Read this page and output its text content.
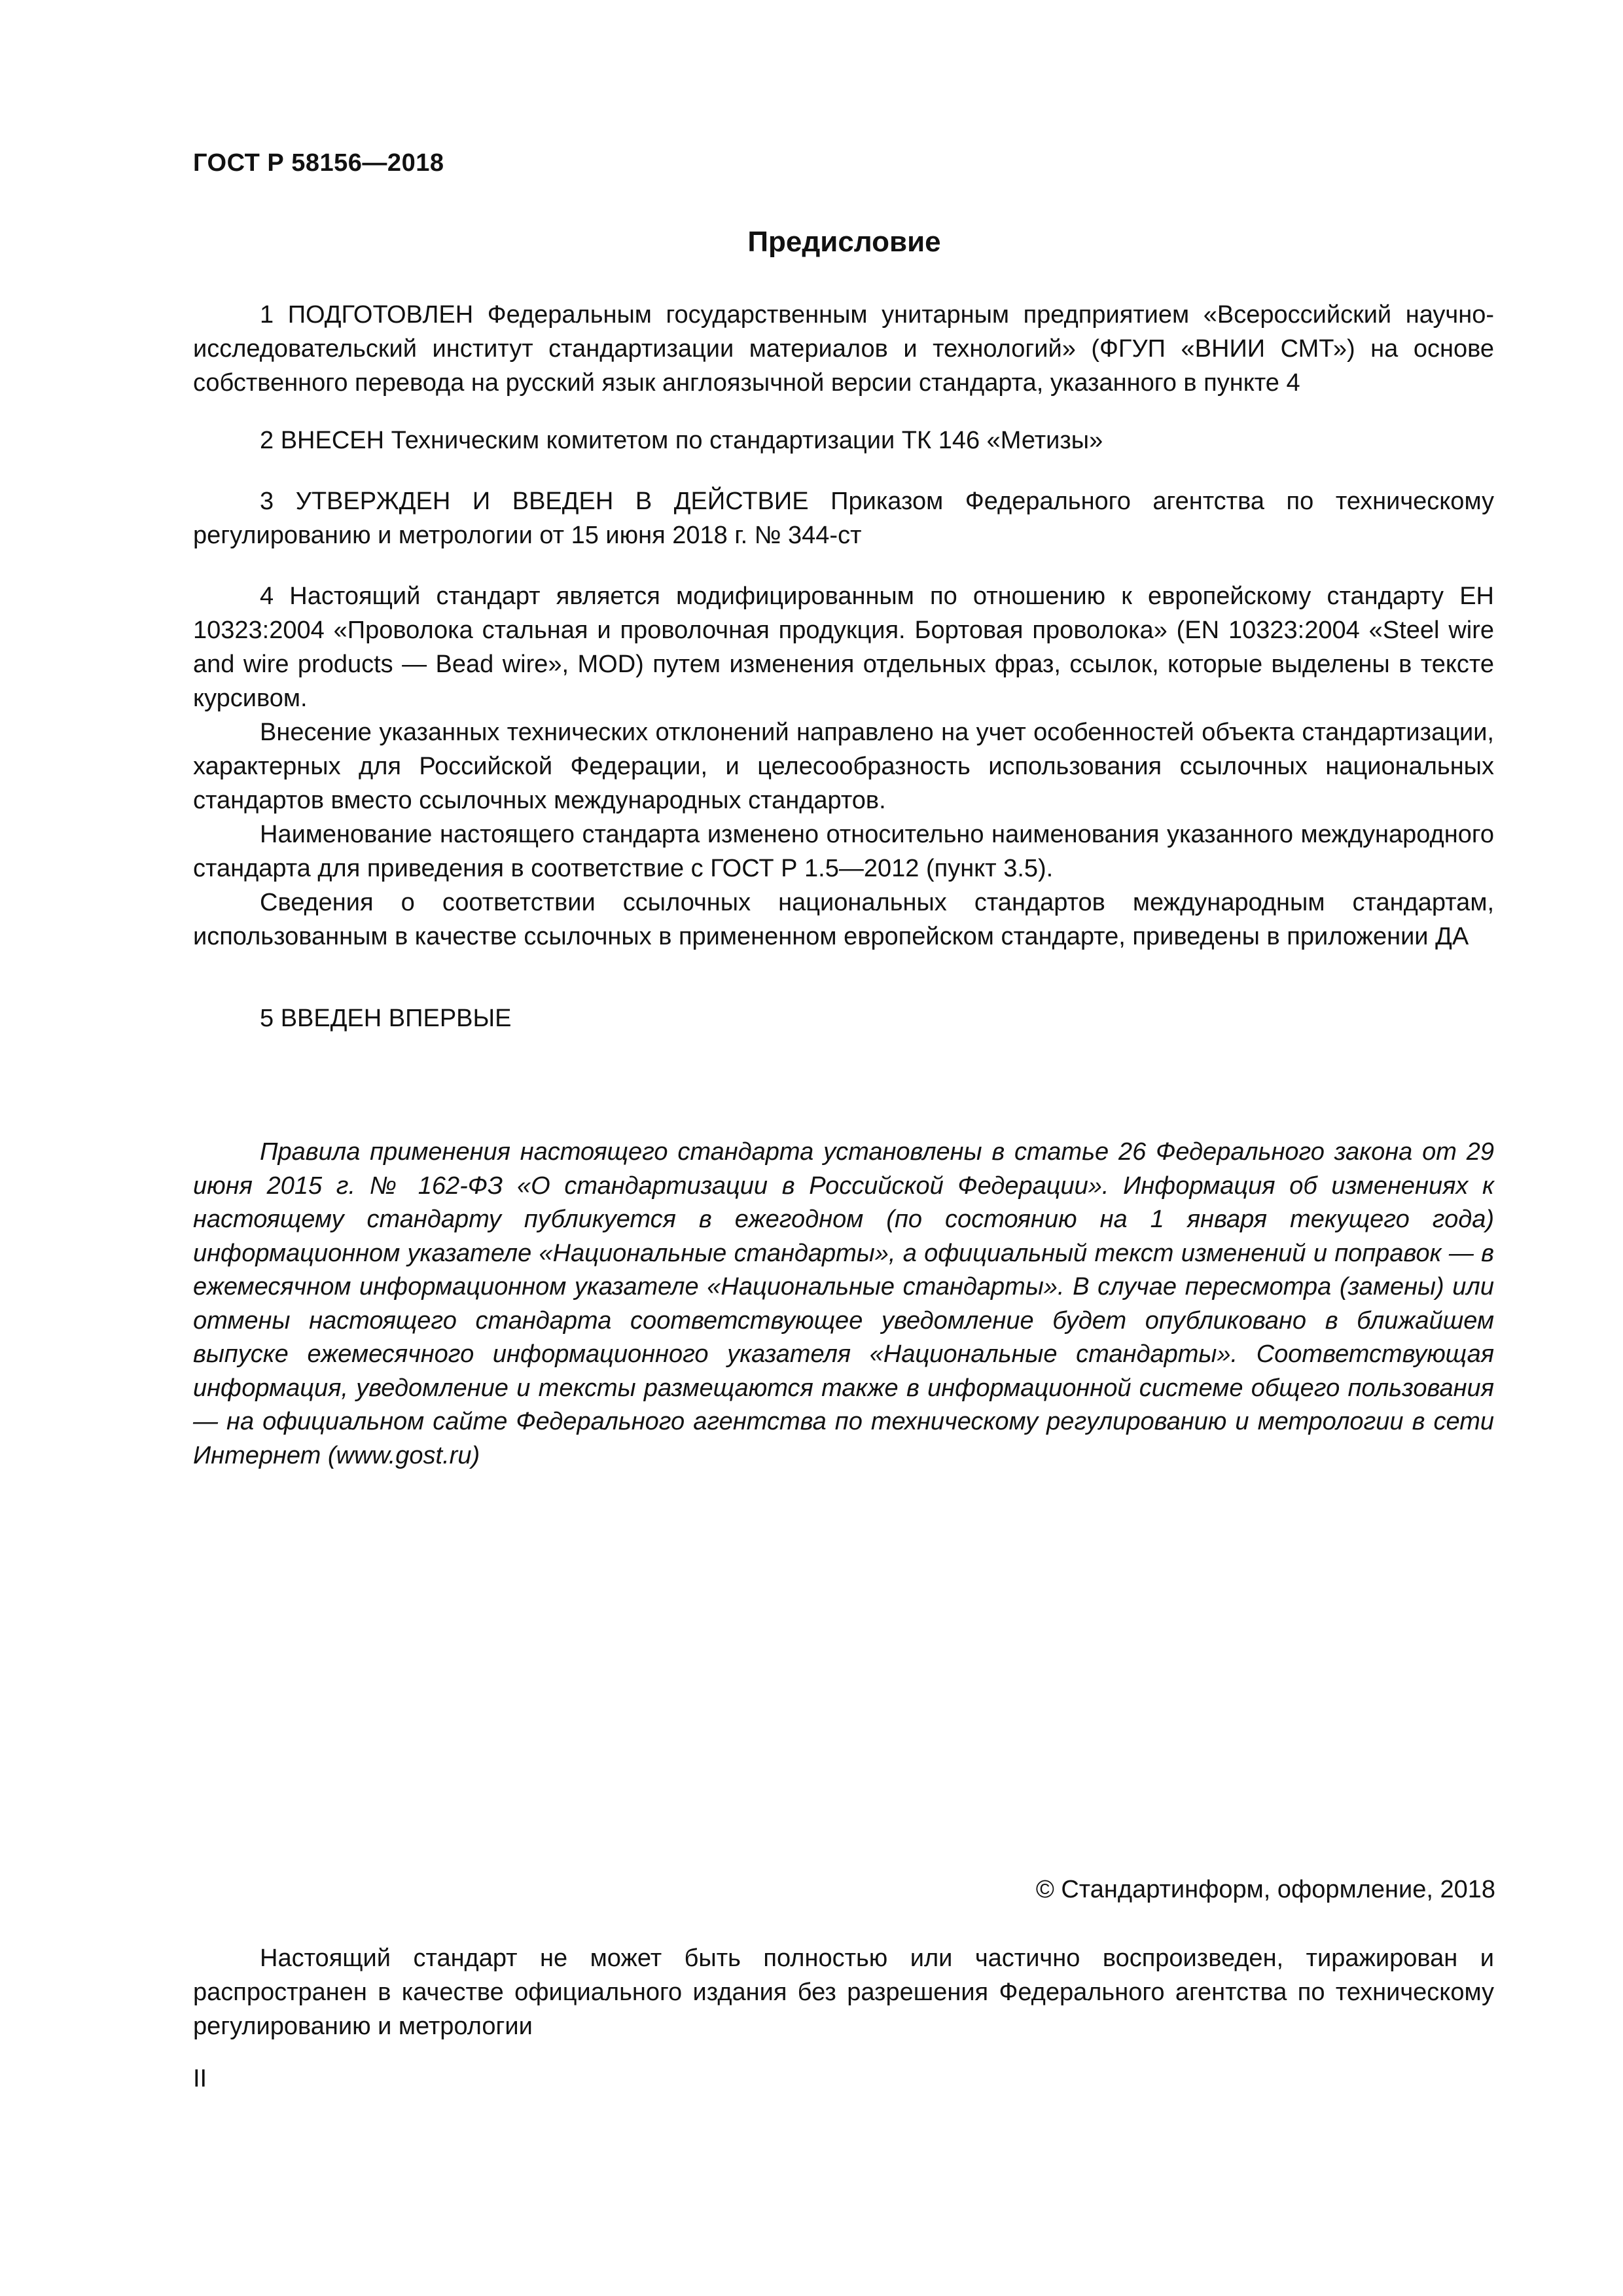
ГОСТ Р 58156—2018
Предисловие

1 ПОДГОТОВЛЕН Федеральным государственным унитарным предприятием «Всероссийский научно-исследовательский институт стандартизации материалов и технологий» (ФГУП «ВНИИ СМТ») на основе собственного перевода на русский язык англоязычной версии стандарта, указанного в пункте 4

2 ВНЕСЕН Техническим комитетом по стандартизации ТК 146 «Метизы»

3 УТВЕРЖДЕН И ВВЕДЕН В ДЕЙСТВИЕ Приказом Федерального агентства по техническому регулированию и метрологии от 15 июня 2018 г. № 344-ст

4 Настоящий стандарт является модифицированным по отношению к европейскому стандарту ЕН 10323:2004 «Проволока стальная и проволочная продукция. Бортовая проволока» (EN 10323:2004 «Steel wire and wire products — Bead wire», MOD) путем изменения отдельных фраз, ссылок, которые выделены в тексте курсивом.

Внесение указанных технических отклонений направлено на учет особенностей объекта стандартизации, характерных для Российской Федерации, и целесообразность использования ссылочных национальных стандартов вместо ссылочных международных стандартов.

Наименование настоящего стандарта изменено относительно наименования указанного международного стандарта для приведения в соответствие с ГОСТ Р 1.5—2012 (пункт 3.5).

Сведения о соответствии ссылочных национальных стандартов международным стандартам, использованным в качестве ссылочных в примененном европейском стандарте, приведены в приложении ДА

5 ВВЕДЕН ВПЕРВЫЕ

Правила применения настоящего стандарта установлены в статье 26 Федерального закона от 29 июня 2015 г. № 162-ФЗ «О стандартизации в Российской Федерации». Информация об изменениях к настоящему стандарту публикуется в ежегодном (по состоянию на 1 января текущего года) информационном указателе «Национальные стандарты», а официальный текст изменений и поправок — в ежемесячном информационном указателе «Национальные стандарты». В случае пересмотра (замены) или отмены настоящего стандарта соответствующее уведомление будет опубликовано в ближайшем выпуске ежемесячного информационного указателя «Национальные стандарты». Соответствующая информация, уведомление и тексты размещаются также в информационной системе общего пользования — на официальном сайте Федерального агентства по техническому регулированию и метрологии в сети Интернет (www.gost.ru)

© Стандартинформ, оформление, 2018

Настоящий стандарт не может быть полностью или частично воспроизведен, тиражирован и распространен в качестве официального издания без разрешения Федерального агентства по техническому регулированию и метрологии

II
